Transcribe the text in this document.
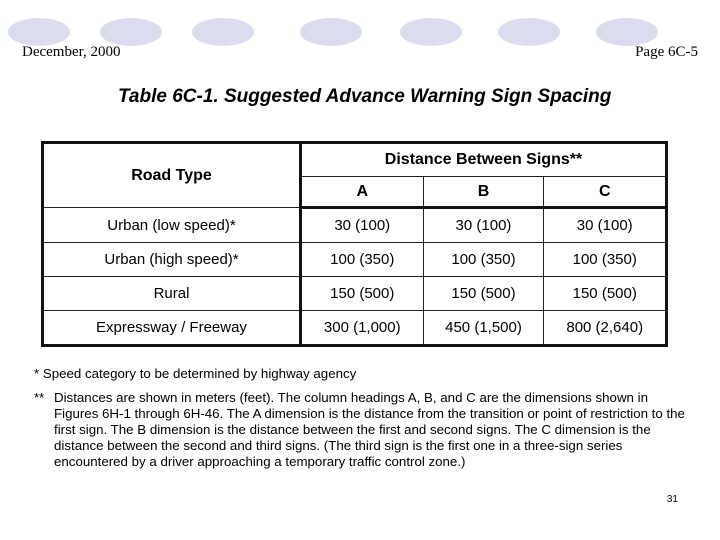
December, 2000	Page 6C-5
Table 6C-1. Suggested Advance Warning Sign Spacing
Road Type	Distance Between Signs**		
	A	B	C
Urban (low speed)*	30 (100)	30 (100)	30 (100)
Urban (high speed)*	100 (350)	100 (350)	100 (350)
Rural	150 (500)	150 (500)	150 (500)
Expressway / Freeway	300 (1,000)	450 (1,500)	800 (2,640)
* Speed category to be determined by highway agency
** Distances are shown in meters (feet). The column headings A, B, and C are the dimensions shown in Figures 6H-1 through 6H-46. The A dimension is the distance from the transition or point of restriction to the first sign. The B dimension is the distance between the first and second signs. The C dimension is the distance between the second and third signs. (The third sign is the first one in a three-sign series encountered by a driver approaching a temporary traffic control zone.)
31
